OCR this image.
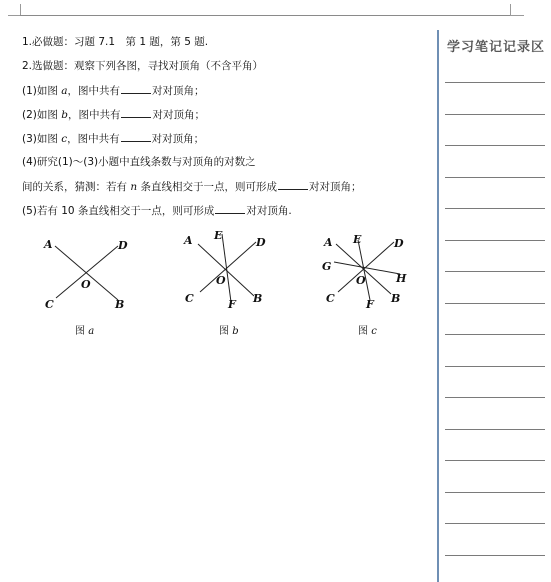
1.必做题：习题 7.1　第 1 题，第 5 题.
2.选做题：观察下列各图，寻找对顶角（不含平角）
(1)如图 a，图中共有	对对顶角；
(2)如图 b，图中共有	对对顶角；
(3)如图 c，图中共有	对对顶角；
(4)研究(1)～(3)小题中直线条数与对顶角的对数之
间的关系，猜测：若有 n 条直线相交于一点，则可形成	对对顶角；
(5)若有 10 条直线相交于一点，则可形成	对对顶角.
A	D
O
C	B
图 a
E
A	D
O
C	F B
图 b
E
A	D
G
H
O
C	F B
图 c
学习笔记记录区
